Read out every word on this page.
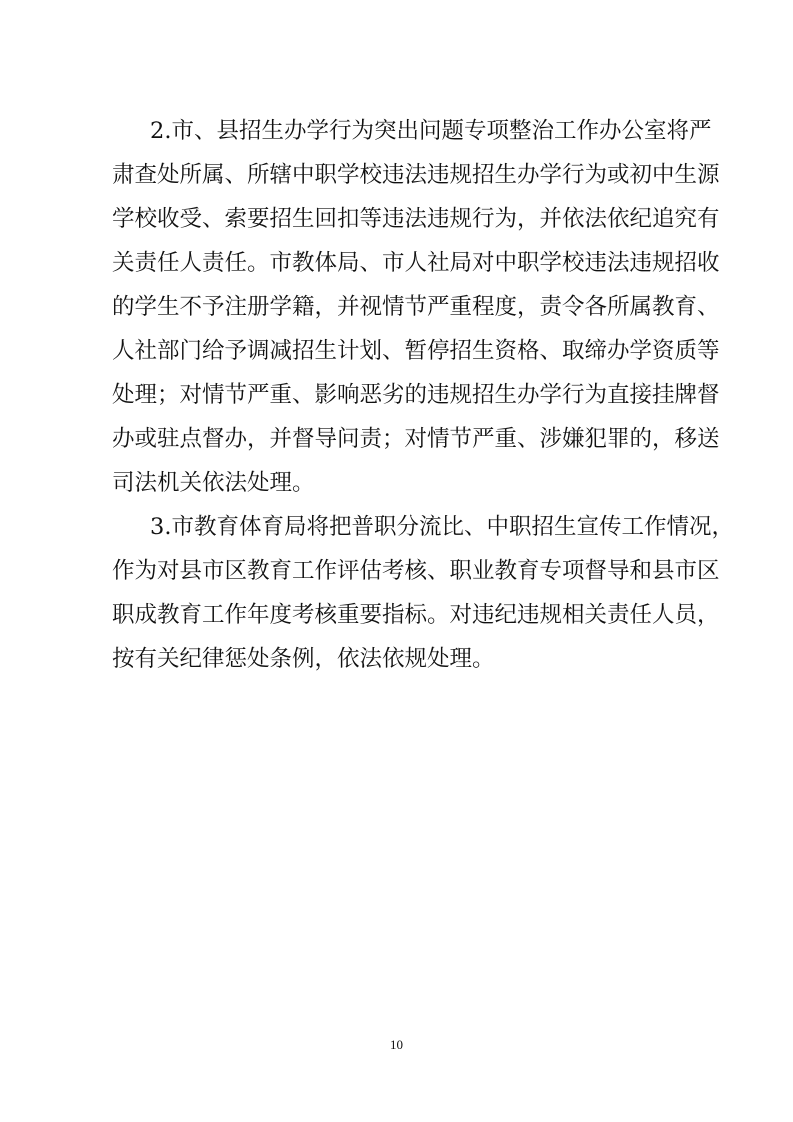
2.市、县招生办学行为突出问题专项整治工作办公室将严
肃查处所属、所辖中职学校违法违规招生办学行为或初中生源
学校收受、索要招生回扣等违法违规行为，并依法依纪追究有
关责任人责任。市教体局、市人社局对中职学校违法违规招收
的学生不予注册学籍，并视情节严重程度，责令各所属教育、
人社部门给予调减招生计划、暂停招生资格、取缔办学资质等
处理；对情节严重、影响恶劣的违规招生办学行为直接挂牌督
办或驻点督办，并督导问责；对情节严重、涉嫌犯罪的，移送
司法机关依法处理。
3.市教育体育局将把普职分流比、中职招生宣传工作情况，
作为对县市区教育工作评估考核、职业教育专项督导和县市区
职成教育工作年度考核重要指标。对违纪违规相关责任人员，
按有关纪律惩处条例，依法依规处理。
10
